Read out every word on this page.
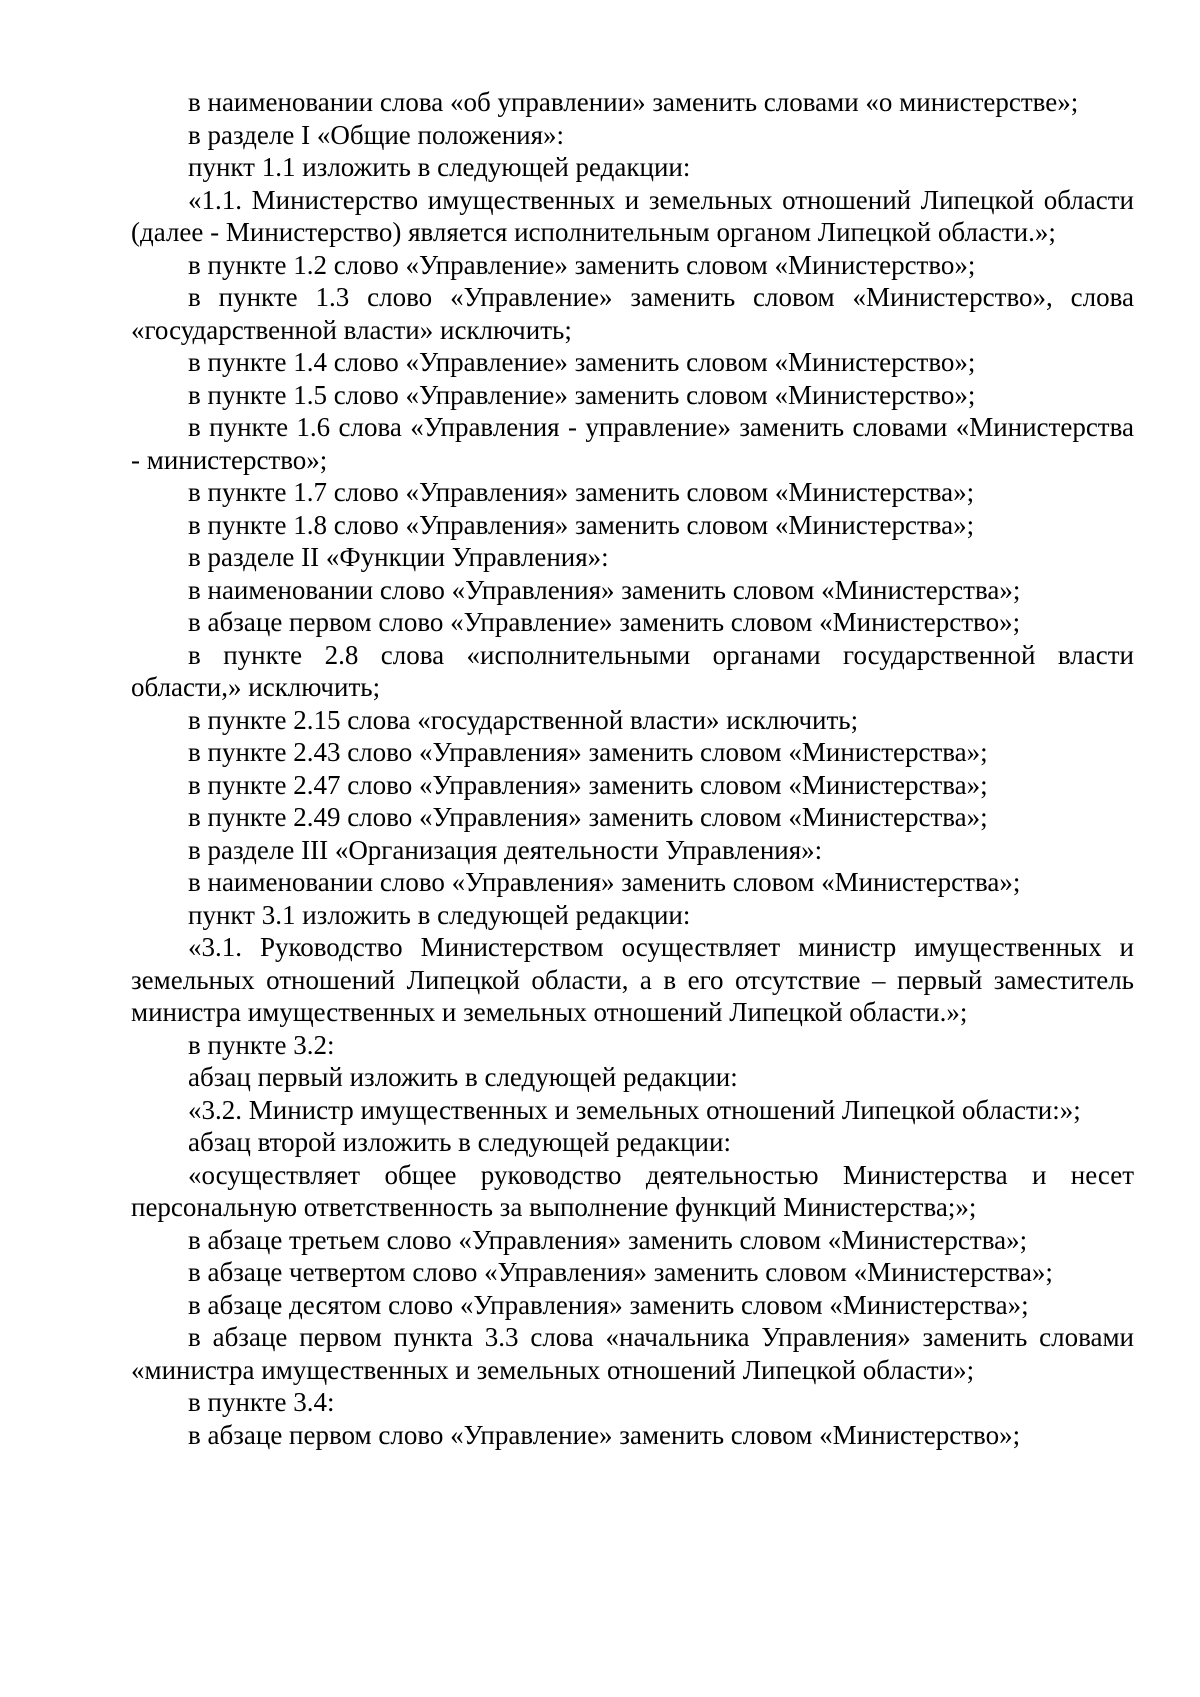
в наименовании слова «об управлении» заменить словами «о министерстве»;

в разделе I «Общие положения»:

пункт 1.1 изложить в следующей редакции:

«1.1. Министерство имущественных и земельных отношений Липецкой области (далее - Министерство) является исполнительным органом Липецкой области.»;

в пункте 1.2 слово «Управление» заменить словом «Министерство»;

в пункте 1.3 слово «Управление» заменить словом «Министерство», слова «государственной власти» исключить;

в пункте 1.4 слово «Управление» заменить словом «Министерство»;

в пункте 1.5 слово «Управление» заменить словом «Министерство»;

в пункте 1.6 слова «Управления - управление» заменить словами «Министерства - министерство»;

в пункте 1.7 слово «Управления» заменить словом «Министерства»;

в пункте 1.8 слово «Управления» заменить словом «Министерства»;

в разделе II «Функции Управления»:

в наименовании слово «Управления» заменить словом «Министерства»;

в абзаце первом слово «Управление» заменить словом «Министерство»;

в пункте 2.8 слова «исполнительными органами государственной власти области,» исключить;

в пункте 2.15 слова «государственной власти» исключить;

в пункте 2.43 слово «Управления» заменить словом «Министерства»;

в пункте 2.47 слово «Управления» заменить словом «Министерства»;

в пункте 2.49 слово «Управления» заменить словом «Министерства»;

в разделе III «Организация деятельности Управления»:

в наименовании слово «Управления» заменить словом «Министерства»;

пункт 3.1 изложить в следующей редакции:

«3.1. Руководство Министерством осуществляет министр имущественных и земельных отношений Липецкой области, а в его отсутствие – первый заместитель министра имущественных и земельных отношений Липецкой области.»;

в пункте 3.2:

абзац первый изложить в следующей редакции:

«3.2. Министр имущественных и земельных отношений Липецкой области:»;

абзац второй изложить в следующей редакции:

«осуществляет общее руководство деятельностью Министерства и несет персональную ответственность за выполнение функций Министерства;»;

в абзаце третьем слово «Управления» заменить словом «Министерства»;

в абзаце четвертом слово «Управления» заменить словом «Министерства»;

в абзаце десятом слово «Управления» заменить словом «Министерства»;

в абзаце первом пункта 3.3 слова «начальника Управления» заменить словами «министра имущественных и земельных отношений Липецкой области»;

в пункте 3.4:

в абзаце первом слово «Управление» заменить словом «Министерство»;
